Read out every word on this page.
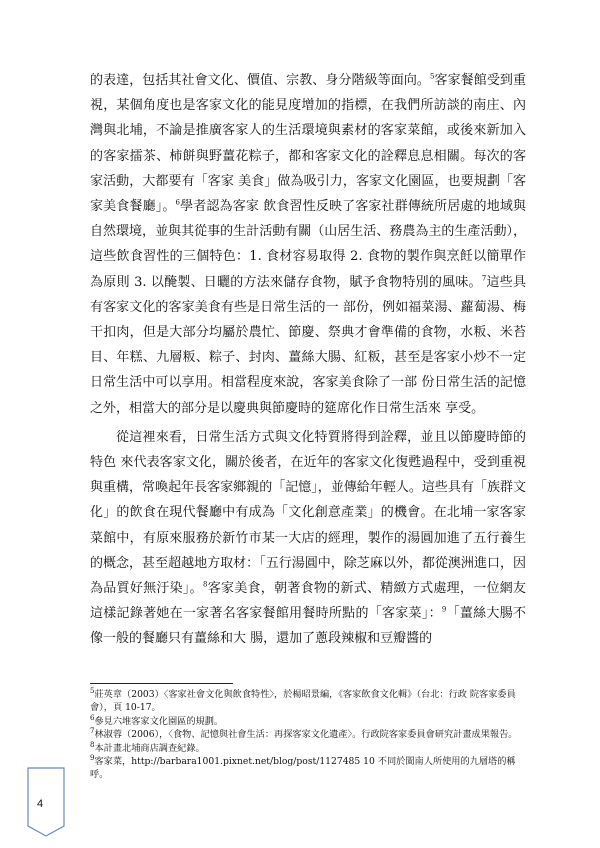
的表達，包括其社會文化、價值、宗教、身分階級等面向。$^5$客家餐館受到重視，某個角度也是客家文化的能見度增加的指標，在我們所訪談的南庄、內灣與北埔，不論是推廣客家人的生活環境與素材的客家菜館，或後來新加入的客家擂茶、柿餅與野薑花粽子，都和客家文化的詮釋息息相關。每次的客家活動，大都要有「客家 美食」做為吸引力，客家文化園區，也要規劃「客家美食餐廳」。$^6$學者認為客家 飲食習性反映了客家社群傳統所居處的地域與自然環境，並與其從事的生計活動有關（山居生活、務農為主的生產活動），這些飲食習性的三個特色：1. 食材容易取得 2. 食物的製作與烹飪以簡單作為原則 3. 以醃製、日曬的方法來儲存食物，賦予食物特別的風味。$^7$這些具有客家文化的客家美食有些是日常生活的一 部份，例如福菜湯、蘿蔔湯、梅干扣肉，但是大部分均屬於農忙、節慶、祭典才會準備的食物，水粄、米苔目、年糕、九層粄、粽子、封肉、薑絲大腸、紅粄，甚至是客家小炒不一定日常生活中可以享用。相當程度來說，客家美食除了一部 份日常生活的記憶之外，相當大的部分是以慶典與節慶時的筵席化作日常生活來 享受。

從這裡來看，日常生活方式與文化特質將得到詮釋，並且以節慶時節的特色 來代表客家文化，關於後者，在近年的客家文化復甦過程中，受到重視與重構，常喚起年長客家鄉親的「記憶」，並傳給年輕人。這些具有「族群文化」的飲食在現代餐廳中有成為「文化創意產業」的機會。在北埔一家客家菜館中，有原來服務於新竹市某一大店的經理，製作的湯圓加進了五行養生的概念，甚至超越地方取材：「五行湯圓中，除芝麻以外，都從澳洲進口，因為品質好無汙染」。$^8$客家美食，朝著食物的新式、精緻方式處理，一位網友這樣記錄著她在一家著名客家餐館用餐時所點的「客家菜」：$^9$「薑絲大腸不像一般的餐廳只有薑絲和大 腸，還加了蔥段辣椒和豆瓣醬的

$^5$莊英章（2003）〈客家社會文化與飲食特性〉，於楊昭景編，《客家飲食文化輯》（台北：行政 院客家委員會），頁 10-17。

$^6$參見六堆客家文化園區的規劃。

$^7$林淑蓉（2006），〈食物、記憶與社會生活：再探客家文化遺產〉。行政院客家委員會研究計畫成果報告。

$^8$本計畫北埔商店調查紀錄。

$^9$客家菜，http://barbara1001.pixnet.net/blog/post/1127485 10 不同於閩南人所使用的九層塔的稱呼。

4
